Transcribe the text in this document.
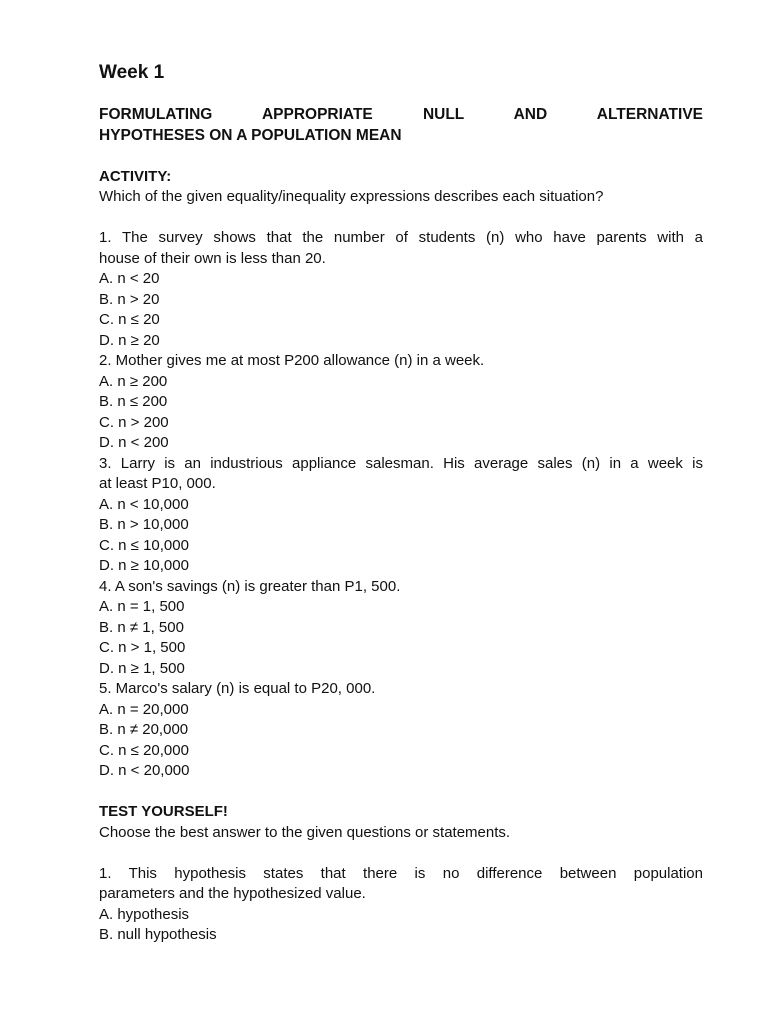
Week 1
FORMULATING APPROPRIATE NULL AND ALTERNATIVE
HYPOTHESES ON A POPULATION MEAN
ACTIVITY:
Which of the given equality/inequality expressions describes each situation?
1. The survey shows that the number of students (n) who have parents with a
house of their own is less than 20.
A. n < 20
B. n > 20
C. n ≤ 20
D. n ≥ 20
2. Mother gives me at most P200 allowance (n) in a week.
A. n ≥ 200
B. n ≤ 200
C. n > 200
D. n < 200
3. Larry is an industrious appliance salesman. His average sales (n) in a week is
at least P10, 000.
A. n < 10,000
B. n > 10,000
C. n ≤ 10,000
D. n ≥ 10,000
4. A son's savings (n) is greater than P1, 500.
A. n = 1, 500
B. n ≠ 1, 500
C. n > 1, 500
D. n ≥ 1, 500
5. Marco's salary (n) is equal to P20, 000.
A. n = 20,000
B. n ≠ 20,000
C. n ≤ 20,000
D. n < 20,000
TEST YOURSELF!
Choose the best answer to the given questions or statements.
1. This hypothesis states that there is no difference between population
parameters and the hypothesized value.
A. hypothesis
B. null hypothesis
